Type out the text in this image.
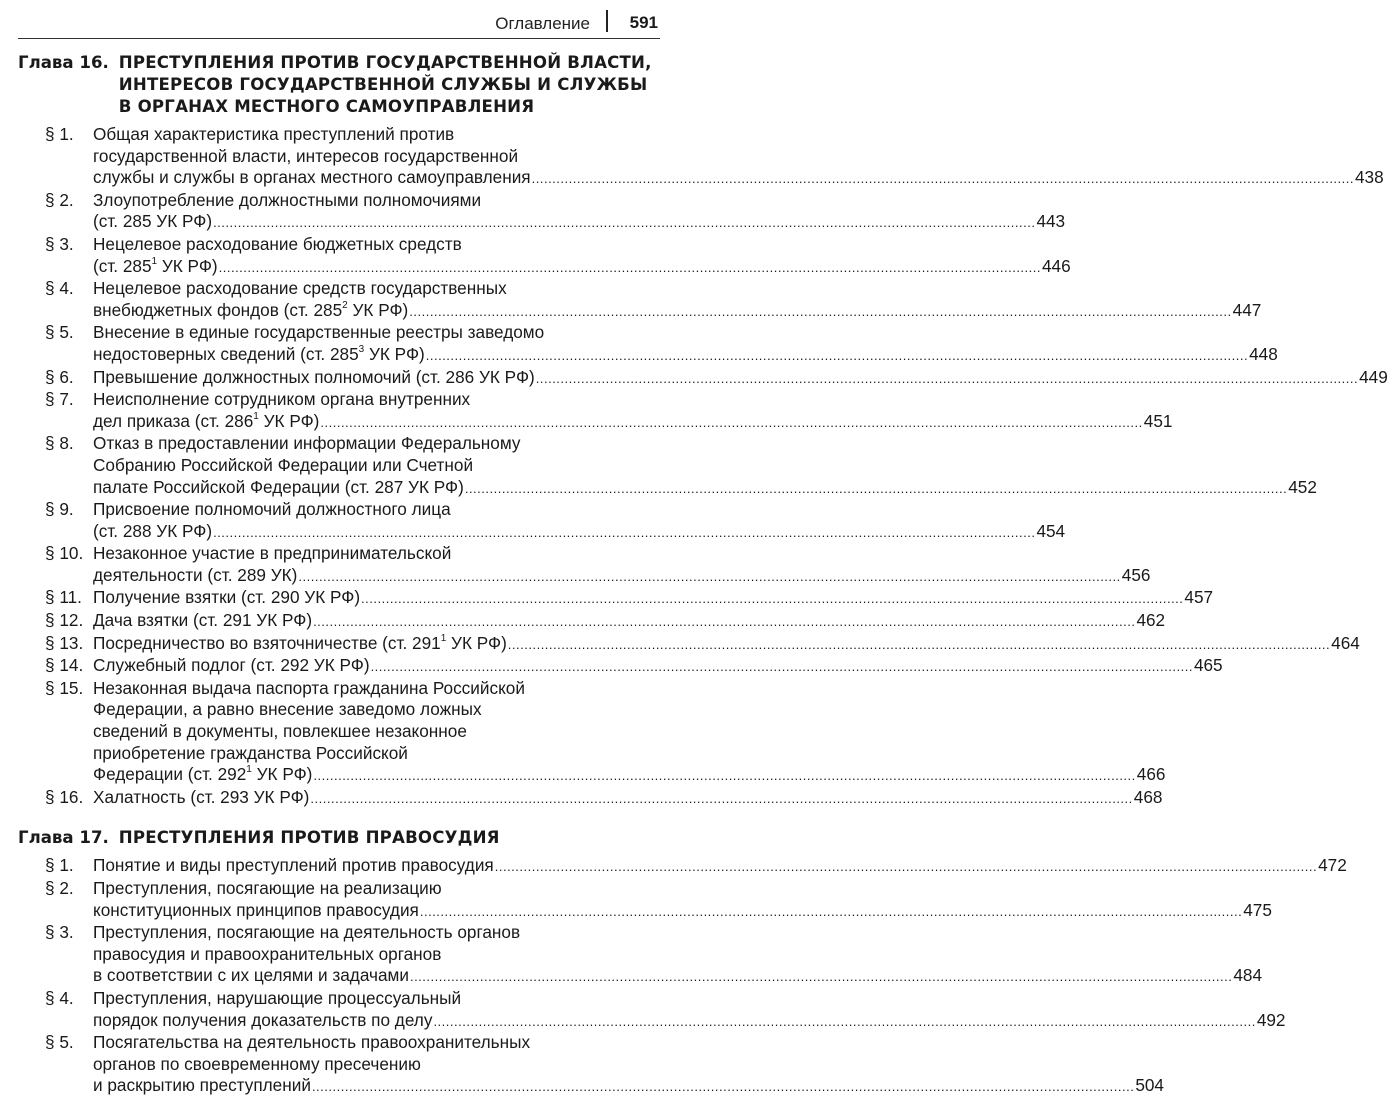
Оглавление 591
Глава 16. ПРЕСТУПЛЕНИЯ ПРОТИВ ГОСУДАРСТВЕННОЙ ВЛАСТИ, ИНТЕРЕСОВ ГОСУДАРСТВЕННОЙ СЛУЖБЫ И СЛУЖБЫ В ОРГАНАХ МЕСТНОГО САМОУПРАВЛЕНИЯ
§ 1.	Общая характеристика преступлений против
государственной власти, интересов государственной
службы и службы в органах местного самоуправления .....	438
§ 2.	Злоупотребление должностными полномочиями
(ст. 285 УК РФ) .....	443
§ 3.	Нецелевое расходование бюджетных средств
(ст. $285^1$ УК РФ) .....	446
§ 4.	Нецелевое расходование средств государственных
внебюджетных фондов (ст. $285^2$ УК РФ) .....	447
§ 5.	Внесение в единые государственные реестры заведомо
недостоверных сведений (ст. $285^3$ УК РФ) .....	448
§ 6.	Превышение должностных полномочий (ст. 286 УК РФ) .....	449
§ 7.	Неисполнение сотрудником органа внутренних
дел приказа (ст. $286^1$ УК РФ) .....	451
§ 8.	Отказ в предоставлении информации Федеральному
Собранию Российской Федерации или Счетной
палате Российской Федерации (ст. 287 УК РФ) .....	452
§ 9.	Присвоение полномочий должностного лица
(ст. 288 УК РФ) .....	454
§ 10. Незаконное участие в предпринимательской
деятельности (ст. 289 УК) .....	456
§ 11. Получение взятки (ст. 290 УК РФ) .....	457
§ 12. Дача взятки (ст. 291 УК РФ) .....	462
§ 13. Посредничество во взяточничестве (ст. $291^1$ УК РФ) .....	464
§ 14. Служебный подлог (ст. 292 УК РФ) .....	465
§ 15. Незаконная выдача паспорта гражданина Российской
Федерации, а равно внесение заведомо ложных
сведений в документы, повлекшее незаконное
приобретение гражданства Российской
Федерации (ст. $292^1$ УК РФ) .....	466
§ 16. Халатность (ст. 293 УК РФ) .....	468
Глава 17. ПРЕСТУПЛЕНИЯ ПРОТИВ ПРАВОСУДИЯ
§ 1.	Понятие и виды преступлений против правосудия .....	472
§ 2.	Преступления, посягающие на реализацию
конституционных принципов правосудия .....	475
§ 3.	Преступления, посягающие на деятельность органов
правосудия и правоохранительных органов
в соответствии с их целями и задачами .....	484
§ 4.	Преступления, нарушающие процессуальный
порядок получения доказательств по делу .....	492
§ 5.	Посягательства на деятельность правоохранительных
органов по своевременному пресечению
и раскрытию преступлений .....	504
